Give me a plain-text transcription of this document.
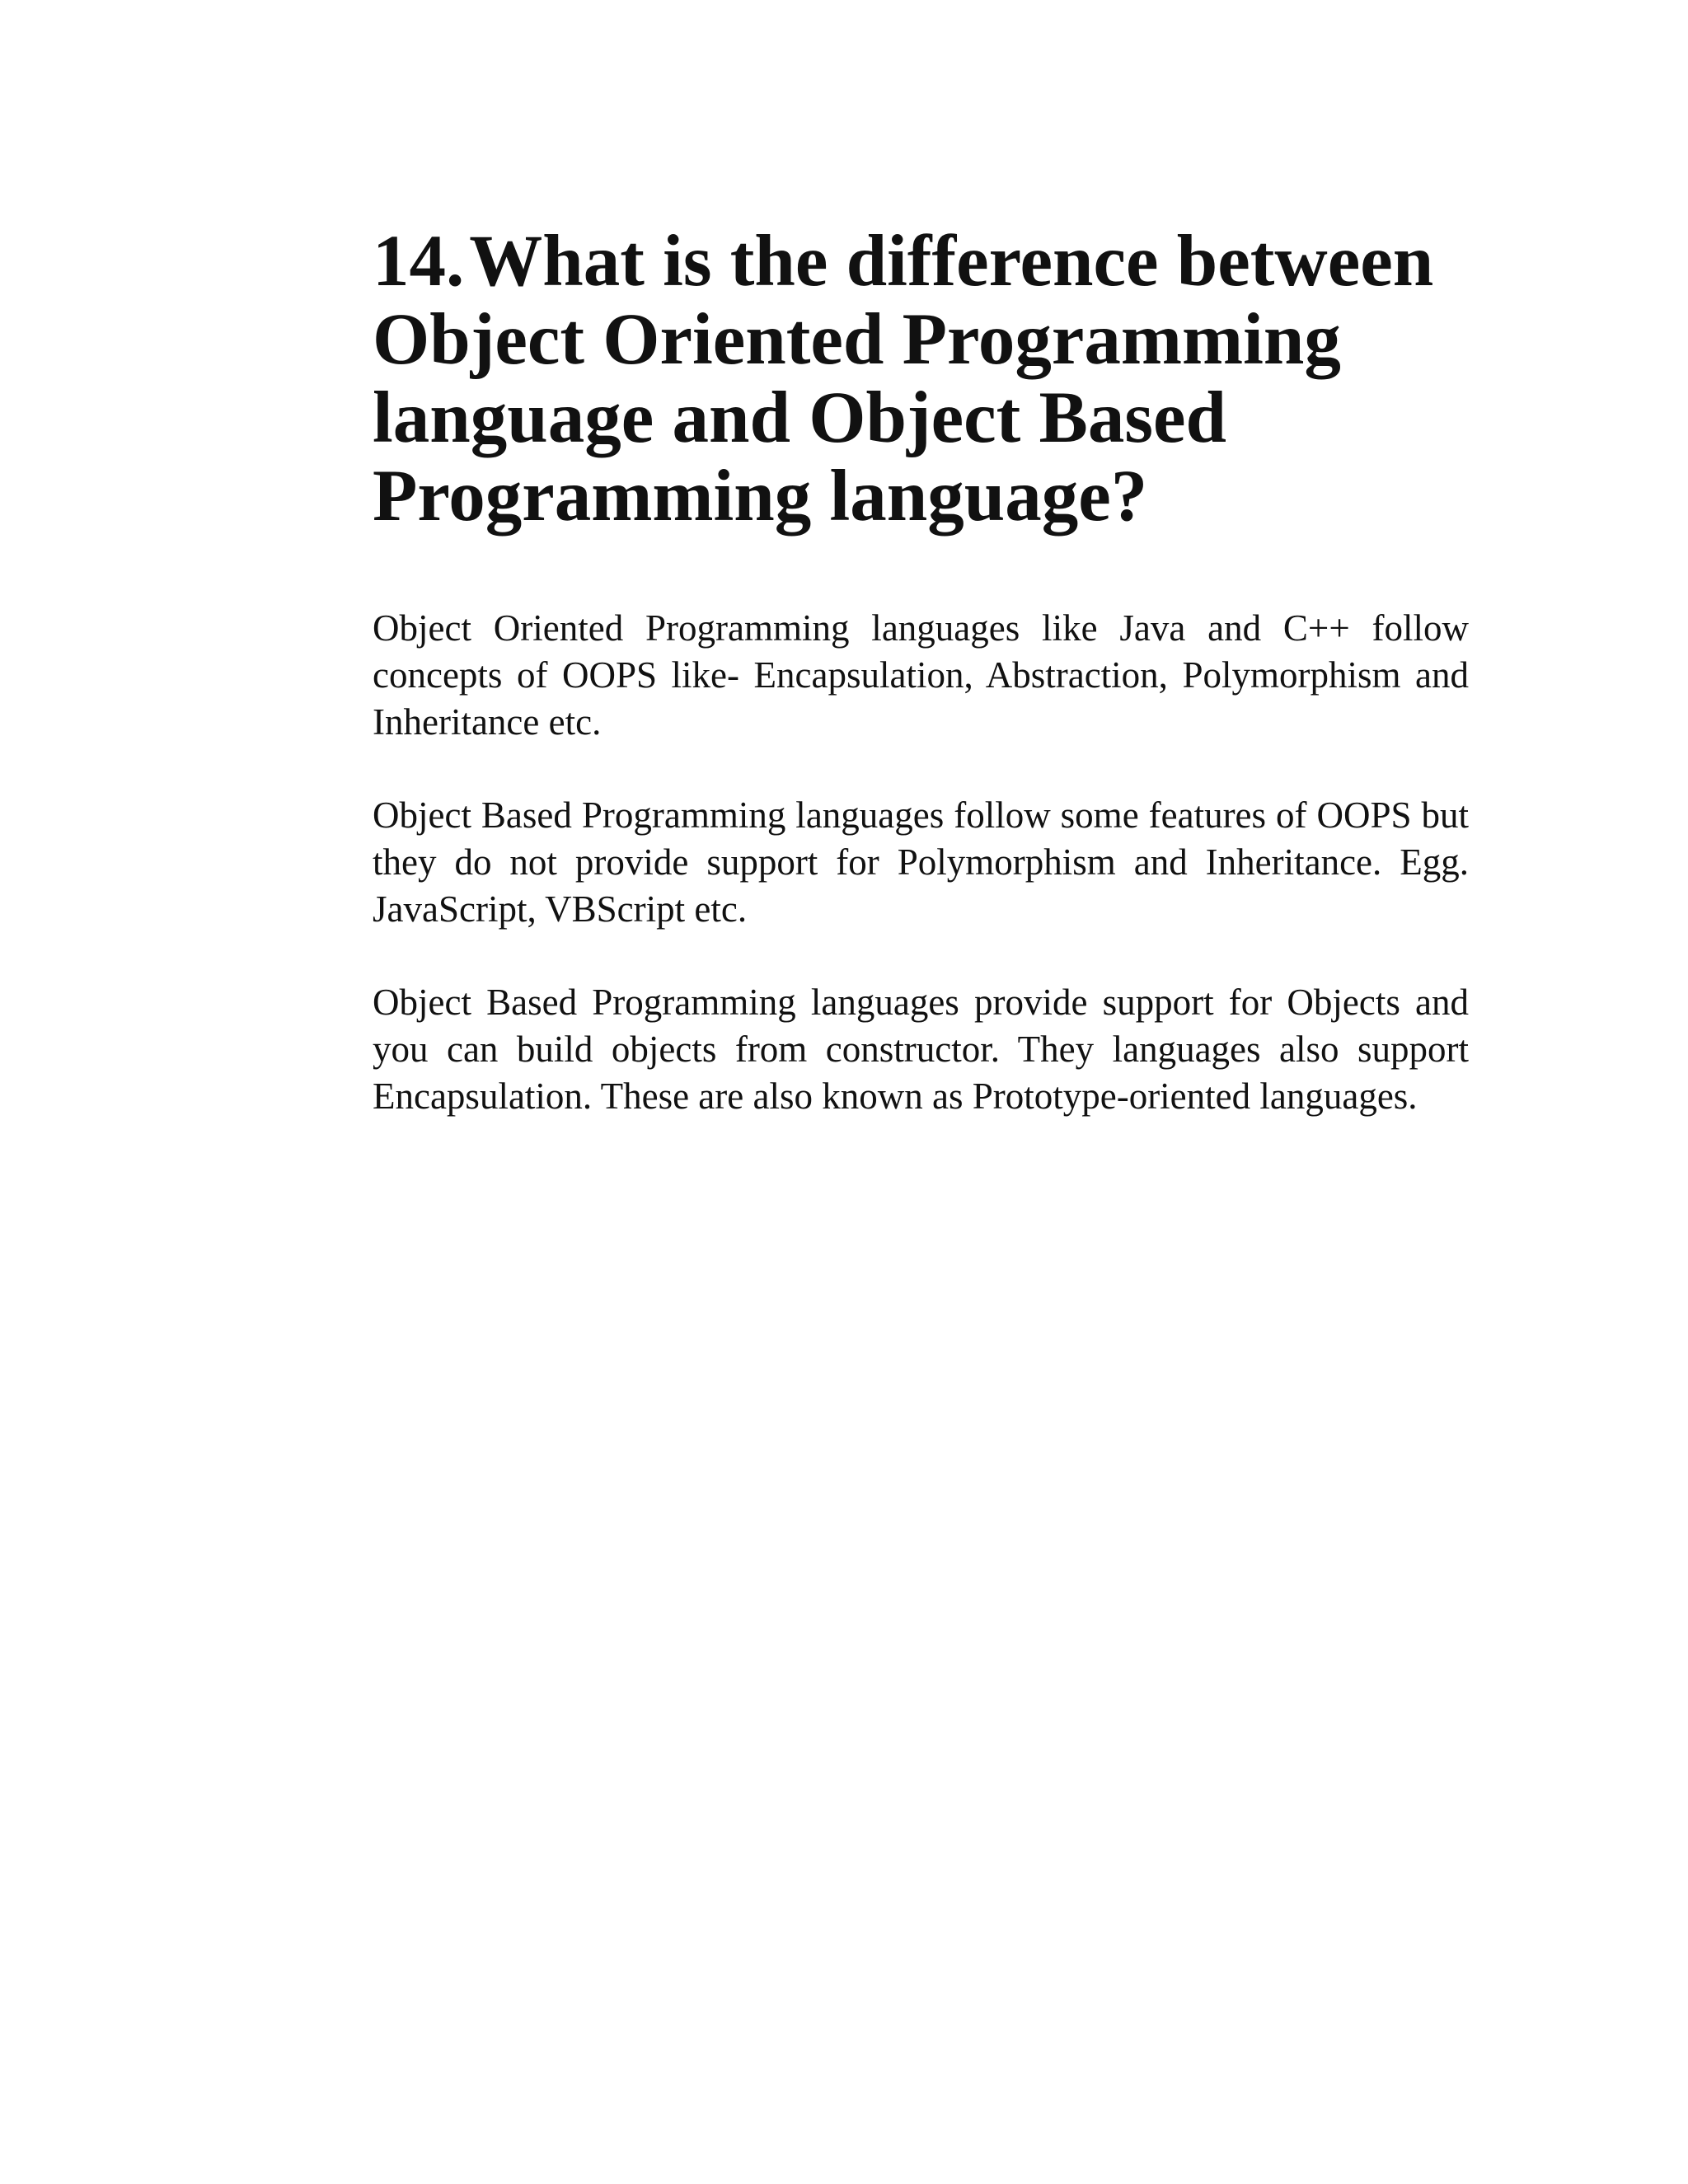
14.What is the difference between Object Oriented Programming language and Object Based Programming language?

Object Oriented Programming languages like Java and C++ follow concepts of OOPS like- Encapsulation, Abstraction, Polymorphism and Inheritance etc.

Object Based Programming languages follow some features of OOPS but they do not provide support for Polymorphism and Inheritance. Egg. JavaScript, VBScript etc.

Object Based Programming languages provide support for Objects and you can build objects from constructor. They languages also support Encapsulation. These are also known as Prototype-oriented languages.
